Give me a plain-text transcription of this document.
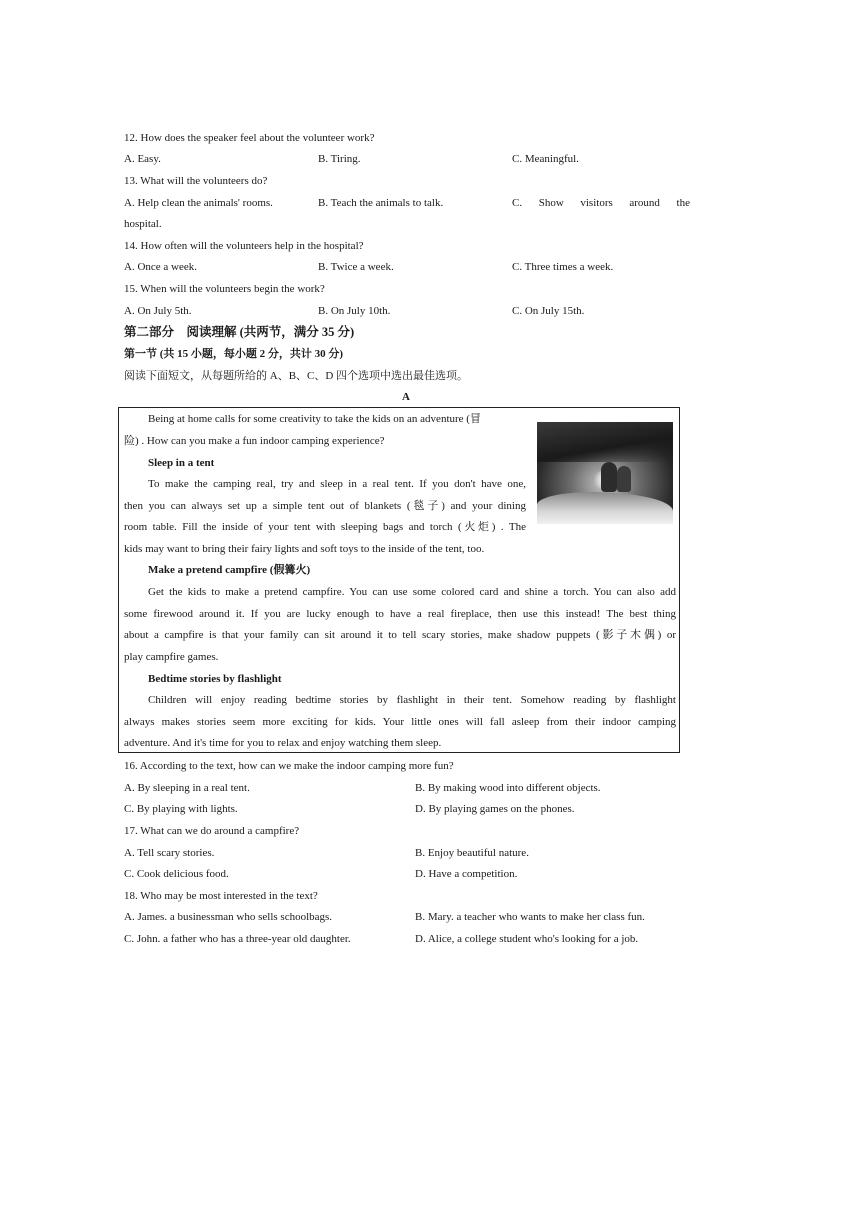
12. How does the speaker feel about the volunteer work?
A. Easy.	B. Tiring.	C. Meaningful.
13. What will the volunteers do?
A. Help clean the animals' rooms.	B. Teach the animals to talk.	C. Show visitors around the
hospital.
14. How often will the volunteers help in the hospital?
A. Once a week.	B. Twice a week.	C. Three times a week.
15. When will the volunteers begin the work?
A. On July 5th.	B. On July 10th.	C. On July 15th.
第二部分　阅读理解 (共两节，满分 35 分)
第一节 (共 15 小题，每小题 2 分，共计 30 分)
阅读下面短文，从每题所给的 A、B、C、D 四个选项中选出最佳选项。
A
Being at home calls for some creativity to take the kids on an adventure (冒
险) . How can you make a fun indoor camping experience?
Sleep in a tent
To make the camping real, try and sleep in a real tent. If you don't have one,
then you can always set up a simple tent out of blankets (毯子) and your dining
room table. Fill the inside of your tent with sleeping bags and torch (火炬) . The
kids may want to bring their fairy lights and soft toys to the inside of the tent, too.
Make a pretend campfire (假篝火)
Get the kids to make a pretend campfire. You can use some colored card and shine a torch. You can also add
some firewood around it. If you are lucky enough to have a real fireplace, then use this instead! The best thing
about a campfire is that your family can sit around it to tell scary stories, make shadow puppets (影子木偶) or
play campfire games.
Bedtime stories by flashlight
Children will enjoy reading bedtime stories by flashlight in their tent. Somehow reading by flashlight
always makes stories seem more exciting for kids. Your little ones will fall asleep from their indoor camping
adventure. And it's time for you to relax and enjoy watching them sleep.
16. According to the text, how can we make the indoor camping more fun?
A. By sleeping in a real tent.	B. By making wood into different objects.
C. By playing with lights.	D. By playing games on the phones.
17. What can we do around a campfire?
A. Tell scary stories.	B. Enjoy beautiful nature.
C. Cook delicious food.	D. Have a competition.
18. Who may be most interested in the text?
A. James. a businessman who sells schoolbags.	B. Mary. a teacher who wants to make her class fun.
C. John. a father who has a three-year old daughter.	D. Alice, a college student who's looking for a job.
